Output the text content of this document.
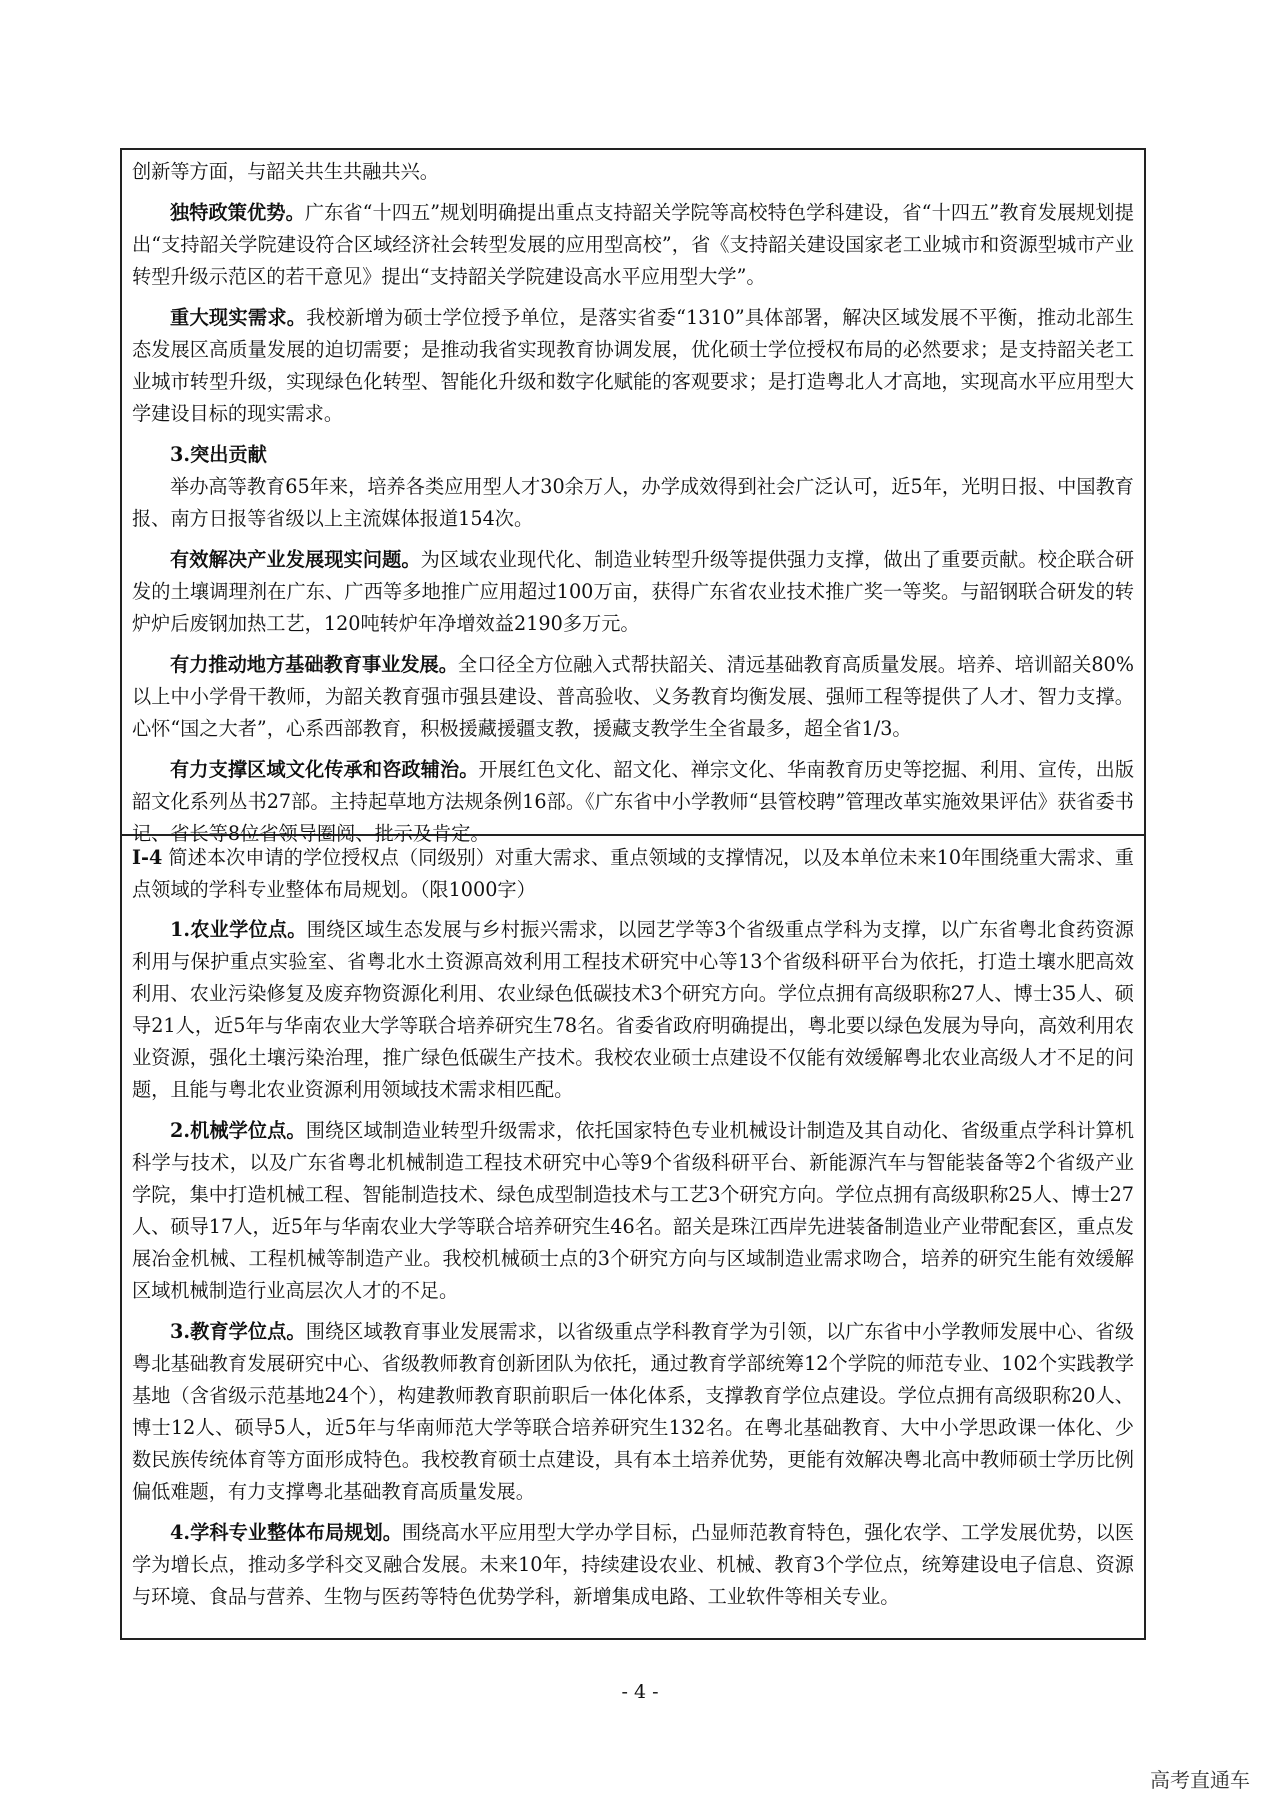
创新等方面，与韶关共生共融共兴。

独特政策优势。广东省“十四五”规划明确提出重点支持韶关学院等高校特色学科建设，省“十四五”教育发展规划提出“支持韶关学院建设符合区域经济社会转型发展的应用型高校”，省《支持韶关建设国家老工业城市和资源型城市产业转型升级示范区的若干意见》提出“支持韶关学院建设高水平应用型大学”。

重大现实需求。我校新增为硕士学位授予单位，是落实省委“1310”具体部署，解决区域发展不平衡，推动北部生态发展区高质量发展的迫切需要；是推动我省实现教育协调发展，优化硕士学位授权布局的必然要求；是支持韶关老工业城市转型升级，实现绿色化转型、智能化升级和数字化赋能的客观要求；是打造粤北人才高地，实现高水平应用型大学建设目标的现实需求。

3.突出贡献

举办高等教育65年来，培养各类应用型人才30余万人，办学成效得到社会广泛认可，近5年，光明日报、中国教育报、南方日报等省级以上主流媒体报道154次。

有效解决产业发展现实问题。为区域农业现代化、制造业转型升级等提供强力支撑，做出了重要贡献。校企联合研发的土壤调理剂在广东、广西等多地推广应用超过100万亩，获得广东省农业技术推广奖一等奖。与韶钢联合研发的转炉炉后废钢加热工艺，120吨转炉年净增效益2190多万元。

有力推动地方基础教育事业发展。全口径全方位融入式帮扶韶关、清远基础教育高质量发展。培养、培训韶关80%以上中小学骨干教师，为韶关教育强市强县建设、普高验收、义务教育均衡发展、强师工程等提供了人才、智力支撑。心怀“国之大者”，心系西部教育，积极援藏援疆支教，援藏支教学生全省最多，超全省1/3。

有力支撑区域文化传承和咨政辅治。开展红色文化、韶文化、禅宗文化、华南教育历史等挖掘、利用、宣传，出版韶文化系列丛书27部。主持起草地方法规条例16部。《广东省中小学教师“县管校聘”管理改革实施效果评估》获省委书记、省长等8位省领导圈阅、批示及肯定。

I-4 简述本次申请的学位授权点（同级别）对重大需求、重点领域的支撑情况，以及本单位未来10年围绕重大需求、重点领域的学科专业整体布局规划。（限1000字）

1.农业学位点。围绕区域生态发展与乡村振兴需求，以园艺学等3个省级重点学科为支撑，以广东省粤北食药资源利用与保护重点实验室、省粤北水土资源高效利用工程技术研究中心等13个省级科研平台为依托，打造土壤水肥高效利用、农业污染修复及废弃物资源化利用、农业绿色低碳技术3个研究方向。学位点拥有高级职称27人、博士35人、硕导21人，近5年与华南农业大学等联合培养研究生78名。省委省政府明确提出，粤北要以绿色发展为导向，高效利用农业资源，强化土壤污染治理，推广绿色低碳生产技术。我校农业硕士点建设不仅能有效缓解粤北农业高级人才不足的问题，且能与粤北农业资源利用领域技术需求相匹配。

2.机械学位点。围绕区域制造业转型升级需求，依托国家特色专业机械设计制造及其自动化、省级重点学科计算机科学与技术，以及广东省粤北机械制造工程技术研究中心等9个省级科研平台、新能源汽车与智能装备等2个省级产业学院，集中打造机械工程、智能制造技术、绿色成型制造技术与工艺3个研究方向。学位点拥有高级职称25人、博士27人、硕导17人，近5年与华南农业大学等联合培养研究生46名。韶关是珠江西岸先进装备制造业产业带配套区，重点发展冶金机械、工程机械等制造产业。我校机械硕士点的3个研究方向与区域制造业需求吻合，培养的研究生能有效缓解区域机械制造行业高层次人才的不足。

3.教育学位点。围绕区域教育事业发展需求，以省级重点学科教育学为引领，以广东省中小学教师发展中心、省级粤北基础教育发展研究中心、省级教师教育创新团队为依托，通过教育学部统筹12个学院的师范专业、102个实践教学基地（含省级示范基地24个），构建教师教育职前职后一体化体系，支撑教育学位点建设。学位点拥有高级职称20人、博士12人、硕导5人，近5年与华南师范大学等联合培养研究生132名。在粤北基础教育、大中小学思政课一体化、少数民族传统体育等方面形成特色。我校教育硕士点建设，具有本土培养优势，更能有效解决粤北高中教师硕士学历比例偏低难题，有力支撑粤北基础教育高质量发展。

4.学科专业整体布局规划。围绕高水平应用型大学办学目标，凸显师范教育特色，强化农学、工学发展优势，以医学为增长点，推动多学科交叉融合发展。未来10年，持续建设农业、机械、教育3个学位点，统筹建设电子信息、资源与环境、食品与营养、生物与医药等特色优势学科，新增集成电路、工业软件等相关专业。

- 4 -
高考直通车
